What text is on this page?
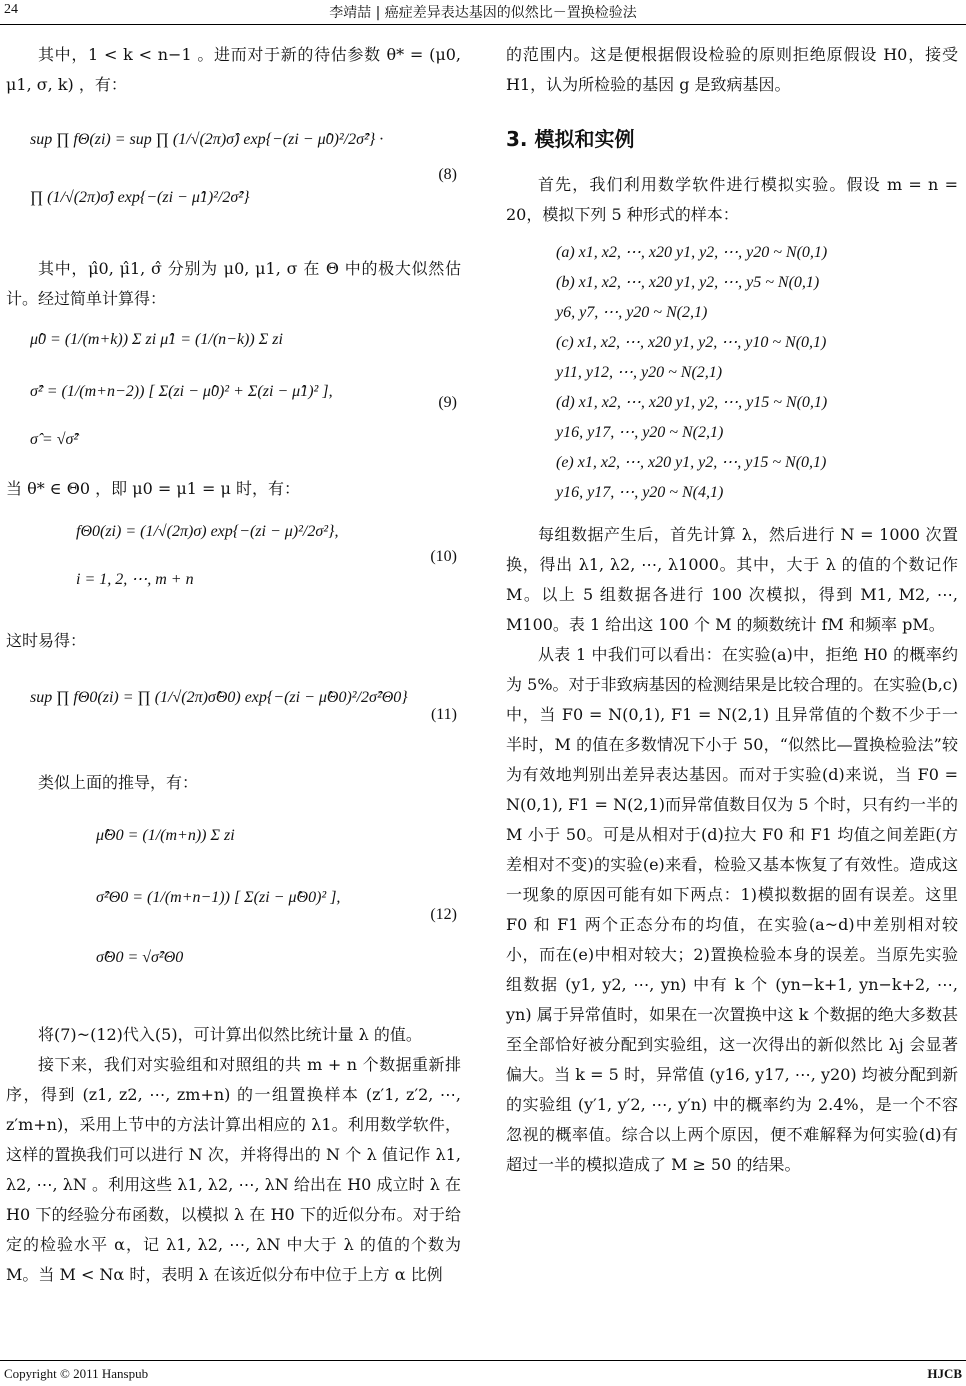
24	李靖喆 | 癌症差异表达基因的似然比－置换检验法

其中，1 < k < n−1 。进而对于新的待估参数 θ* = (μ0, μ1, σ, k) ，有：

sup ∏ fΘ(zi) = sup ∏ (1/√(2π)σ̂) exp{−(zi − μ̂0)²/2σ̂²} ·
∏ (1/√(2π)σ̂) exp{−(zi − μ̂1)²/2σ̂²}
(8)

其中，μ̂0, μ̂1, σ̂ 分别为 μ0, μ1, σ 在 Θ 中的极大似然估计。经过简单计算得：

μ̂0 = (1/(m+k)) Σ zi μ̂1 = (1/(n−k)) Σ zi
σ̂² = (1/(m+n−2)) [ Σ(zi − μ̂0)² + Σ(zi − μ̂1)² ],
σ̂ = √σ̂²
(9)

当 θ* ∈ Θ0 ，即 μ0 = μ1 = μ 时，有：

fΘ0(zi) = (1/√(2π)σ) exp{−(zi − μ)²/2σ²},
i = 1, 2, ⋯, m + n
(10)

这时易得：

sup ∏ fΘ0(zi) = ∏ (1/√(2π)σ̂Θ0) exp{−(zi − μ̂Θ0)²/2σ̂²Θ0}
(11)

类似上面的推导，有：

μ̂Θ0 = (1/(m+n)) Σ zi
σ̂²Θ0 = (1/(m+n−1)) [ Σ(zi − μ̂Θ0)² ],
σ̂Θ0 = √σ̂²Θ0
(12)

将(7)~(12)代入(5)，可计算出似然比统计量 λ 的值。

接下来，我们对实验组和对照组的共 m + n 个数据重新排序，得到 (z1, z2, ⋯, zm+n) 的一组置换样本 (z′1, z′2, ⋯, z′m+n)，采用上节中的方法计算出相应的 λ1。利用数学软件，这样的置换我们可以进行 N 次，并将得出的 N 个 λ 值记作 λ1, λ2, ⋯, λN 。利用这些 λ1, λ2, ⋯, λN 给出在 H0 成立时 λ 在 H0 下的经验分布函数，以模拟 λ 在 H0 下的近似分布。对于给定的检验水平 α，记 λ1, λ2, ⋯, λN 中大于 λ 的值的个数为 M。当 M < Nα 时，表明 λ 在该近似分布中位于上方 α 比例

的范围内。这是便根据假设检验的原则拒绝原假设 H0，接受 H1，认为所检验的基因 g 是致病基因。

3. 模拟和实例

首先，我们利用数学软件进行模拟实验。假设 m = n = 20，模拟下列 5 种形式的样本：

(a) x1, x2, ⋯, x20 y1, y2, ⋯, y20 ~ N(0,1)
(b) x1, x2, ⋯, x20 y1, y2, ⋯, y5 ~ N(0,1)
y6, y7, ⋯, y20 ~ N(2,1)
(c) x1, x2, ⋯, x20 y1, y2, ⋯, y10 ~ N(0,1)
y11, y12, ⋯, y20 ~ N(2,1)
(d) x1, x2, ⋯, x20 y1, y2, ⋯, y15 ~ N(0,1)
y16, y17, ⋯, y20 ~ N(2,1)
(e) x1, x2, ⋯, x20 y1, y2, ⋯, y15 ~ N(0,1)
y16, y17, ⋯, y20 ~ N(4,1)

每组数据产生后，首先计算 λ，然后进行 N = 1000 次置换，得出 λ1, λ2, ⋯, λ1000。其中，大于 λ 的值的个数记作 M。以上 5 组数据各进行 100 次模拟，得到 M1, M2, ⋯, M100。表 1 给出这 100 个 M 的频数统计 fM 和频率 pM。

从表 1 中我们可以看出：在实验(a)中，拒绝 H0 的概率约为 5%。对于非致病基因的检测结果是比较合理的。在实验(b,c)中，当 F0 = N(0,1), F1 = N(2,1) 且异常值的个数不少于一半时，M 的值在多数情况下小于 50，“似然比—置换检验法”较为有效地判别出差异表达基因。而对于实验(d)来说，当 F0 = N(0,1), F1 = N(2,1)而异常值数目仅为 5 个时，只有约一半的 M 小于 50。可是从相对于(d)拉大 F0 和 F1 均值之间差距(方差相对不变)的实验(e)来看，检验又基本恢复了有效性。造成这一现象的原因可能有如下两点：1)模拟数据的固有误差。这里 F0 和 F1 两个正态分布的均值，在实验(a~d)中差别相对较小，而在(e)中相对较大；2)置换检验本身的误差。当原先实验组数据 (y1, y2, ⋯, yn) 中有 k 个 (yn−k+1, yn−k+2, ⋯, yn) 属于异常值时，如果在一次置换中这 k 个数据的绝大多数甚至全部恰好被分配到实验组，这一次得出的新似然比 λj 会显著偏大。当 k = 5 时，异常值 (y16, y17, ⋯, y20) 均被分配到新的实验组 (y′1, y′2, ⋯, y′n) 中的概率约为 2.4%，是一个不容忽视的概率值。综合以上两个原因，便不难解释为何实验(d)有超过一半的模拟造成了 M ≥ 50 的结果。

Copyright © 2011 Hanspub	HJCB
